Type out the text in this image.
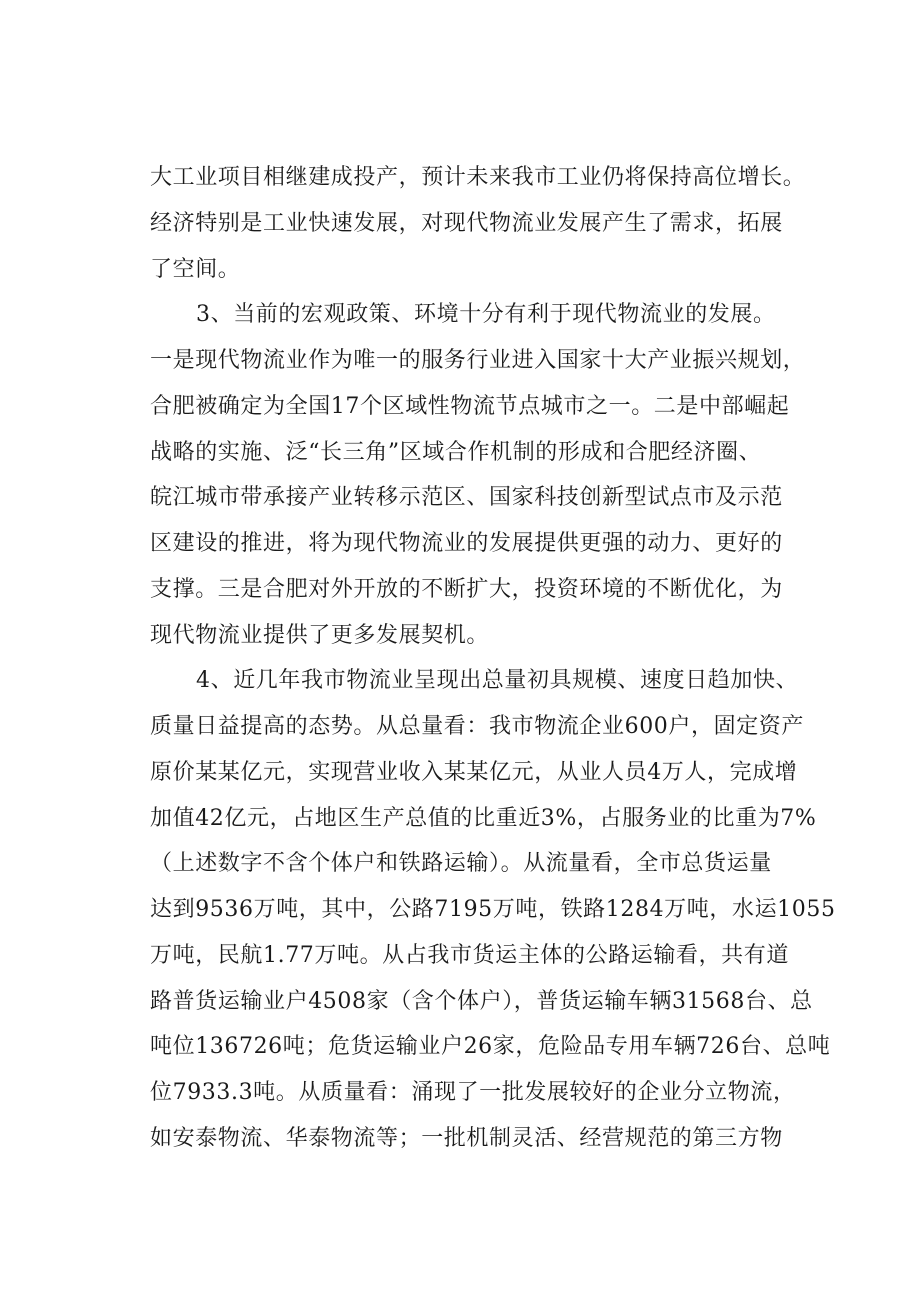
大工业项目相继建成投产，预计未来我市工业仍将保持高位增长。
经济特别是工业快速发展，对现代物流业发展产生了需求，拓展
了空间。
3、当前的宏观政策、环境十分有利于现代物流业的发展。
一是现代物流业作为唯一的服务行业进入国家十大产业振兴规划，
合肥被确定为全国17个区域性物流节点城市之一。二是中部崛起
战略的实施、泛“长三角”区域合作机制的形成和合肥经济圈、
皖江城市带承接产业转移示范区、国家科技创新型试点市及示范
区建设的推进，将为现代物流业的发展提供更强的动力、更好的
支撑。三是合肥对外开放的不断扩大，投资环境的不断优化，为
现代物流业提供了更多发展契机。
4、近几年我市物流业呈现出总量初具规模、速度日趋加快、
质量日益提高的态势。从总量看：我市物流企业600户，固定资产
原价某某亿元，实现营业收入某某亿元，从业人员4万人，完成增
加值42亿元，占地区生产总值的比重近3%，占服务业的比重为7%
（上述数字不含个体户和铁路运输）。从流量看，全市总货运量
达到9536万吨，其中，公路7195万吨，铁路1284万吨，水运1055
万吨，民航1.77万吨。从占我市货运主体的公路运输看，共有道
路普货运输业户4508家（含个体户），普货运输车辆31568台、总
吨位136726吨；危货运输业户26家，危险品专用车辆726台、总吨
位7933.3吨。从质量看：涌现了一批发展较好的企业分立物流，
如安泰物流、华泰物流等；一批机制灵活、经营规范的第三方物
